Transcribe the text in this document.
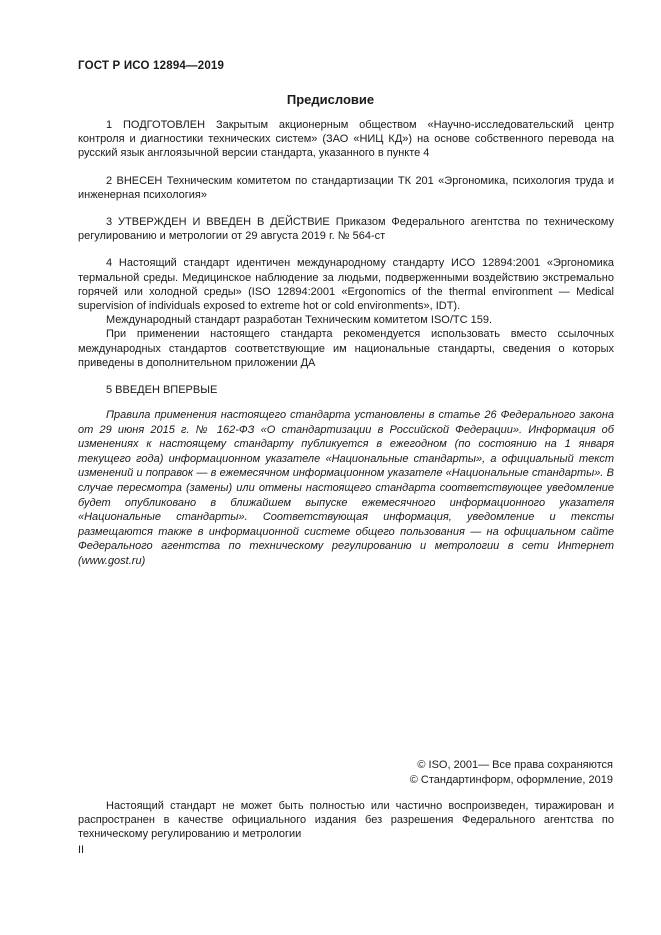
ГОСТ Р ИСО 12894—2019
Предисловие

1 ПОДГОТОВЛЕН Закрытым акционерным обществом «Научно-исследовательский центр контроля и диагностики технических систем» (ЗАО «НИЦ КД») на основе собственного перевода на русский язык англоязычной версии стандарта, указанного в пункте 4

2 ВНЕСЕН Техническим комитетом по стандартизации ТК 201 «Эргономика, психология труда и инженерная психология»

3 УТВЕРЖДЕН И ВВЕДЕН В ДЕЙСТВИЕ Приказом Федерального агентства по техническому регулированию и метрологии от 29 августа 2019 г. № 564-ст

4 Настоящий стандарт идентичен международному стандарту ИСО 12894:2001 «Эргономика термальной среды. Медицинское наблюдение за людьми, подверженными воздействию экстремально горячей или холодной среды» (ISO 12894:2001 «Ergonomics of the thermal environment — Medical supervision of individuals exposed to extreme hot or cold environments», IDT).

Международный стандарт разработан Техническим комитетом ISO/TC 159.

При применении настоящего стандарта рекомендуется использовать вместо ссылочных международных стандартов соответствующие им национальные стандарты, сведения о которых приведены в дополнительном приложении ДА

5 ВВЕДЕН ВПЕРВЫЕ

Правила применения настоящего стандарта установлены в статье 26 Федерального закона от 29 июня 2015 г. № 162-ФЗ «О стандартизации в Российской Федерации». Информация об изменениях к настоящему стандарту публикуется в ежегодном (по состоянию на 1 января текущего года) информационном указателе «Национальные стандарты», а официальный текст изменений и поправок — в ежемесячном информационном указателе «Национальные стандарты». В случае пересмотра (замены) или отмены настоящего стандарта соответствующее уведомление будет опубликовано в ближайшем выпуске ежемесячного информационного указателя «Национальные стандарты». Соответствующая информация, уведомление и тексты размещаются также в информационной системе общего пользования — на официальном сайте Федерального агентства по техническому регулированию и метрологии в сети Интернет (www.gost.ru)

© ISO, 2001— Все права сохраняются
© Стандартинформ, оформление, 2019

Настоящий стандарт не может быть полностью или частично воспроизведен, тиражирован и распространен в качестве официального издания без разрешения Федерального агентства по техническому регулированию и метрологии

II
